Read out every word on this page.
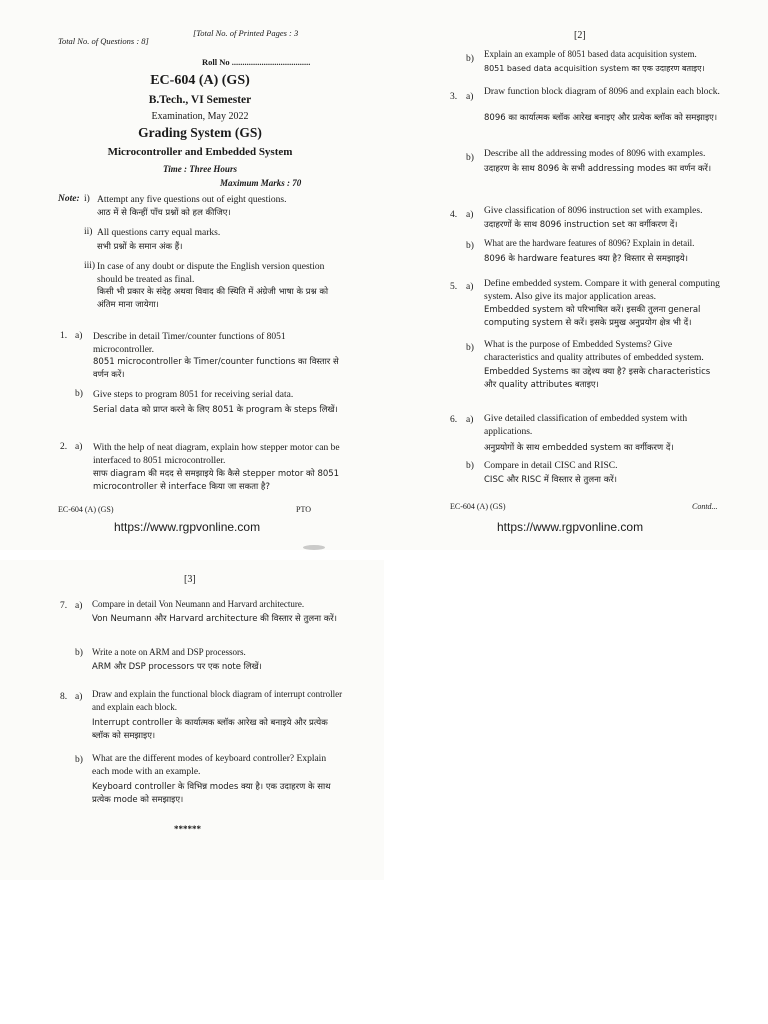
Total No. of Questions : 8]
[Total No. of Printed Pages : 3
Roll No .....................................
EC-604 (A) (GS)
B.Tech., VI Semester
Examination, May 2022
Grading System (GS)
Microcontroller and Embedded System
Time : Three Hours
Maximum Marks : 70
Note: i) Attempt any five questions out of eight questions.
आठ में से किन्हीं पाँच प्रश्नों को हल कीजिए।
ii) All questions carry equal marks.
सभी प्रश्नों के समान अंक हैं।
iii) In case of any doubt or dispute the English version question should be treated as final.
किसी भी प्रकार के संदेह अथवा विवाद की स्थिति में अंग्रेजी भाषा के प्रश्न को अंतिम माना जायेगा।
1. a) Describe in detail Timer/counter functions of 8051 microcontroller.
8051 microcontroller के Timer/counter functions का विस्तार से वर्णन करें।
b) Give steps to program 8051 for receiving serial data.
Serial data को प्राप्त करने के लिए 8051 के program के steps लिखें।
2. a) With the help of neat diagram, explain how stepper motor can be interfaced to 8051 microcontroller.
साफ diagram की मदद से समझाइये कि कैसे stepper motor को 8051 microcontroller से interface किया जा सकता है?
EC-604 (A) (GS)	PTO
https://www.rgpvonline.com
[2]
b) Explain an example of 8051 based data acquisition system.
8051 based data acquisition system का एक उदाहरण बताइए।
3. a) Draw function block diagram of 8096 and explain each block.
8096 का कार्यात्मक ब्लॉक आरेख बनाइए और प्रत्येक ब्लॉक को समझाइए।
b) Describe all the addressing modes of 8096 with examples.
उदाहरण के साथ 8096 के सभी addressing modes का वर्णन करें।
4. a) Give classification of 8096 instruction set with examples.
उदाहरणों के साथ 8096 instruction set का वर्गीकरण दें।
b) What are the hardware features of 8096? Explain in detail.
8096 के hardware features क्या है? विस्तार से समझाइये।
5. a) Define embedded system. Compare it with general computing system. Also give its major application areas.
Embedded system को परिभाषित करें। इसकी तुलना general computing system से करें। इसके प्रमुख अनुप्रयोग क्षेत्र भी दें।
b) What is the purpose of Embedded Systems? Give characteristics and quality attributes of embedded system.
Embedded Systems का उद्देश्य क्या है? इसके characteristics और quality attributes बताइए।
6. a) Give detailed classification of embedded system with applications.
अनुप्रयोगों के साथ embedded system का वर्गीकरण दें।
b) Compare in detail CISC and RISC.
CISC और RISC में विस्तार से तुलना करें।
EC-604 (A) (GS)	Contd...
https://www.rgpvonline.com
[3]
7. a) Compare in detail Von Neumann and Harvard architecture.
Von Neumann और Harvard architecture की विस्तार से तुलना करें।
b) Write a note on ARM and DSP processors.
ARM और DSP processors पर एक note लिखें।
8. a) Draw and explain the functional block diagram of interrupt controller and explain each block.
Interrupt controller के कार्यात्मक ब्लॉक आरेख को बनाइये और प्रत्येक ब्लॉक को समझाइए।
b) What are the different modes of keyboard controller? Explain each mode with an example.
Keyboard controller के विभिन्न modes क्या है। एक उदाहरण के साथ प्रत्येक mode को समझाइए।
******
